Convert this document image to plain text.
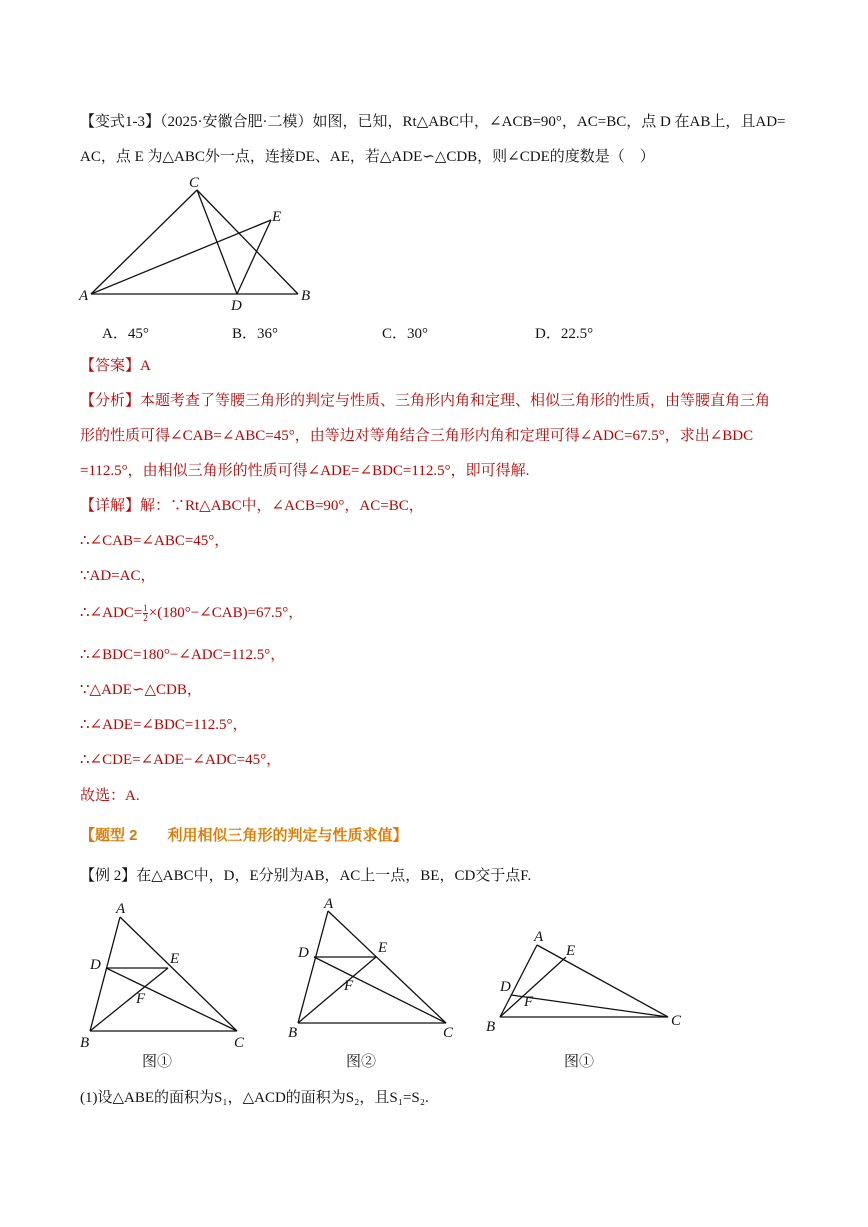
【变式1-3】（2025·安徽合肥·二模）如图，已知，Rt△ABC中，∠ACB=90°，AC=BC，点 D 在AB上，且AD=
AC，点 E 为△ABC外一点，连接DE、AE，若△ADE∽△CDB，则∠CDE的度数是（　）
C
E
A
D
B
A．45°	B．36°	C．30°	D．22.5°
【答案】A
【分析】本题考查了等腰三角形的判定与性质、三角形内角和定理、相似三角形的性质，由等腰直角三角
形的性质可得∠CAB=∠ABC=45°，由等边对等角结合三角形内角和定理可得∠ADC=67.5°，求出∠BDC
=112.5°，由相似三角形的性质可得∠ADE=∠BDC=112.5°，即可得解.
【详解】解：∵Rt△ABC中，∠ACB=90°，AC=BC，
∴∠CAB=∠ABC=45°，
∵AD=AC，
∴∠ADC= $\frac{1}{2}$ ×(180°−∠CAB)=67.5°，
∴∠BDC=180°−∠ADC=112.5°，
∵△ADE∽△CDB，
∴∠ADE=∠BDC=112.5°，
∴∠CDE=∠ADE−∠ADC=45°，
故选：A.
【题型 2　　利用相似三角形的判定与性质求值】
【例 2】在△ABC中，D，E分别为AB，AC上一点，BE，CD交于点F.
A
D	E
F
B	C
A
D	E
F
B	C
A
E
D
F
B	C
图①	图②	图①
(1)设△ABE的面积为S₁，△ACD的面积为S₂，且S₁=S₂.
